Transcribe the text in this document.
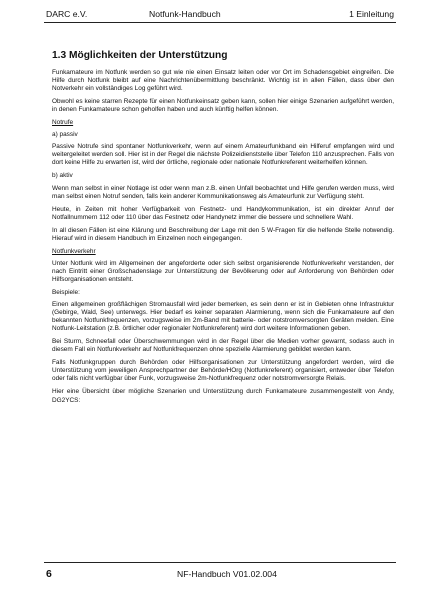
DARC e.V.	Notfunk-Handbuch	1 Einleitung
1.3 Möglichkeiten der Unterstützung

Funkamateure im Notfunk werden so gut wie nie einen Einsatz leiten oder vor Ort im Schadensgebiet eingreifen. Die Hilfe durch Notfunk bleibt auf eine Nachrichtenübermittlung beschränkt. Wichtig ist in allen Fällen, dass über den Notverkehr ein vollständiges Log geführt wird.

Obwohl es keine starren Rezepte für einen Notfunkeinsatz geben kann, sollen hier einige Szenarien aufgeführt werden, in denen Funkamateure schon geholfen haben und auch künftig helfen können.

Notrufe

a) passiv

Passive Notrufe sind spontaner Notfunkverkehr, wenn auf einem Amateurfunkband ein Hilferuf empfangen wird und weitergeleitet werden soll. Hier ist in der Regel die nächste Polizeidienststelle über Telefon 110 anzusprechen. Falls von dort keine Hilfe zu erwarten ist, wird der örtliche, regionale oder nationale Notfunkreferent weiterhelfen können.

b) aktiv

Wenn man selbst in einer Notlage ist oder wenn man z.B. einen Unfall beobachtet und Hilfe gerufen werden muss, wird man selbst einen Notruf senden, falls kein anderer Kommunikationsweg als Amateurfunk zur Verfügung steht.

Heute, in Zeiten mit hoher Verfügbarkeit von Festnetz- und Handykommunikation, ist ein direkter Anruf der Notfallnummern 112 oder 110 über das Festnetz oder Handynetz immer die bessere und schnellere Wahl.

In all diesen Fällen ist eine Klärung und Beschreibung der Lage mit den 5 W-Fragen für die helfende Stelle notwendig. Hierauf wird in diesem Handbuch im Einzelnen noch eingegangen.

Notfunkverkehr

Unter Notfunk wird im Allgemeinen der angeforderte oder sich selbst organisierende Notfunkverkehr verstanden, der nach Eintritt einer Großschadenslage zur Unterstützung der Bevölkerung oder auf Anforderung von Behörden oder Hilfsorganisationen entsteht.

Beispiele:

Einen allgemeinen großflächigen Stromausfall wird jeder bemerken, es sein denn er ist in Gebieten ohne Infrastruktur (Gebirge, Wald, See) unterwegs. Hier bedarf es keiner separaten Alarmierung, wenn sich die Funkamateure auf den bekannten Notfunkfrequenzen, vorzugsweise im 2m-Band mit batterie- oder notstromversorgten Geräten melden. Eine Notfunk-Leitstation (z.B. örtlicher oder regionaler Notfunkreferent) wird dort weitere Informationen geben.

Bei Sturm, Schneefall oder Überschwemmungen wird in der Regel über die Medien vorher gewarnt, sodass auch in diesem Fall ein Notfunkverkehr auf Notfunkfrequenzen ohne spezielle Alarmierung gebildet werden kann.

Falls Notfunkgruppen durch Behörden oder Hilfsorganisationen zur Unterstützung angefordert werden, wird die Unterstützung vom jeweiligen Ansprechpartner der Behörde/HOrg (Notfunkreferent) organisiert, entweder über Telefon oder falls nicht verfügbar über Funk, vorzugsweise 2m-Notfunkfrequenz oder notstromversorgte Relais.

Hier eine Übersicht über mögliche Szenarien und Unterstützung durch Funkamateure zusammengestellt von Andy, DG2YCS:

6	NF-Handbuch V01.02.004
